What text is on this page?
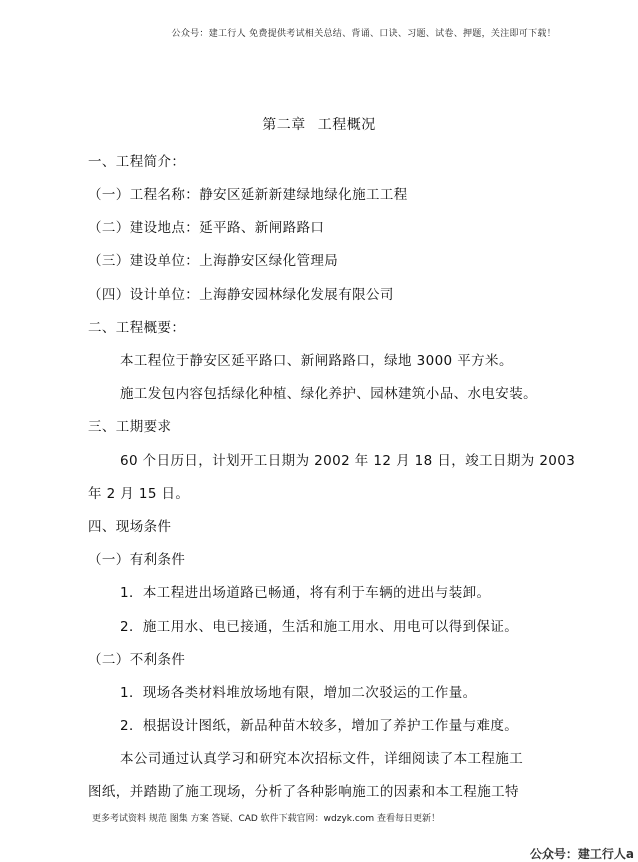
公众号：建工行人 免费提供考试相关总结、背诵、口诀、习题、试卷、押题，关注即可下载！
第二章 工程概况
一、工程简介：
（一）工程名称：静安区延新新建绿地绿化施工工程
（二）建设地点：延平路、新闸路路口
（三）建设单位：上海静安区绿化管理局
（四）设计单位：上海静安园林绿化发展有限公司
二、工程概要：
本工程位于静安区延平路口、新闸路路口，绿地 3000 平方米。
施工发包内容包括绿化种植、绿化养护、园林建筑小品、水电安装。
三、工期要求
60 个日历日，计划开工日期为 2002 年 12 月 18 日，竣工日期为 2003
年 2 月 15 日。
四、现场条件
（一）有利条件
1．本工程进出场道路已畅通，将有利于车辆的进出与装卸。
2．施工用水、电已接通，生活和施工用水、用电可以得到保证。
（二）不利条件
1．现场各类材料堆放场地有限，增加二次驳运的工作量。
2．根据设计图纸，新品种苗木较多，增加了养护工作量与难度。
本公司通过认真学习和研究本次招标文件，详细阅读了本工程施工
图纸，并踏勘了施工现场，分析了各种影响施工的因素和本工程施工特
更多考试资料 规范 图集 方案 答疑、CAD 软件下载官网：wdzyk.com 查看每日更新！
公众号：建工行人a
